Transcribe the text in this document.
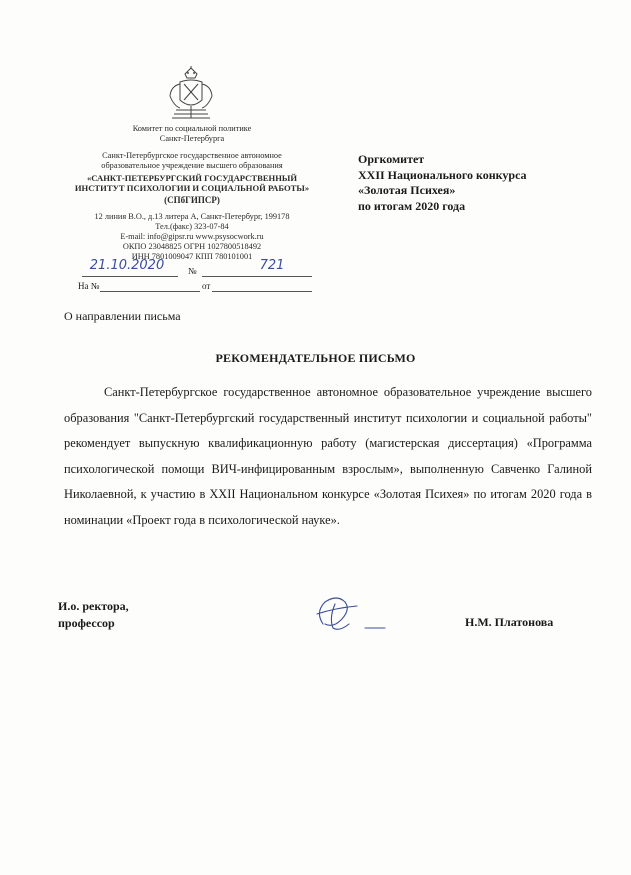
Комитет по социальной политике
Санкт-Петербурга
Санкт-Петербургское государственное автономное
образовательное учреждение высшего образования
«САНКТ-ПЕТЕРБУРГСКИЙ ГОСУДАРСТВЕННЫЙ
ИНСТИТУТ ПСИХОЛОГИИ И СОЦИАЛЬНОЙ РАБОТЫ»
(СПбГИПСР)
12 линия В.О., д.13 литера А, Санкт-Петербург, 199178
Тел.(факс) 323-07-84
E-mail: info@gipsr.ru www.psysocwork.ru
ОКПО 23048825 ОГРН 1027800518492
ИНН 7801009047 КПП 780101001
21.10.2020	№	721
На №	от
Оргкомитет
XXII Национального конкурса
«Золотая Психея»
по итогам 2020 года
О направлении письма
РЕКОМЕНДАТЕЛЬНОЕ ПИСЬМО
Санкт-Петербургское государственное автономное образовательное учреждение высшего образования "Санкт-Петербургский государственный институт психологии и социальной работы" рекомендует выпускную квалификационную работу (магистерская диссертация) «Программа психологической помощи ВИЧ-инфицированным взрослым», выполненную Савченко Галиной Николаевной, к участию в XXII Национальном конкурсе «Золотая Психея» по итогам 2020 года в номинации «Проект года в психологической науке».
И.о. ректора,
профессор	Н.М. Платонова
